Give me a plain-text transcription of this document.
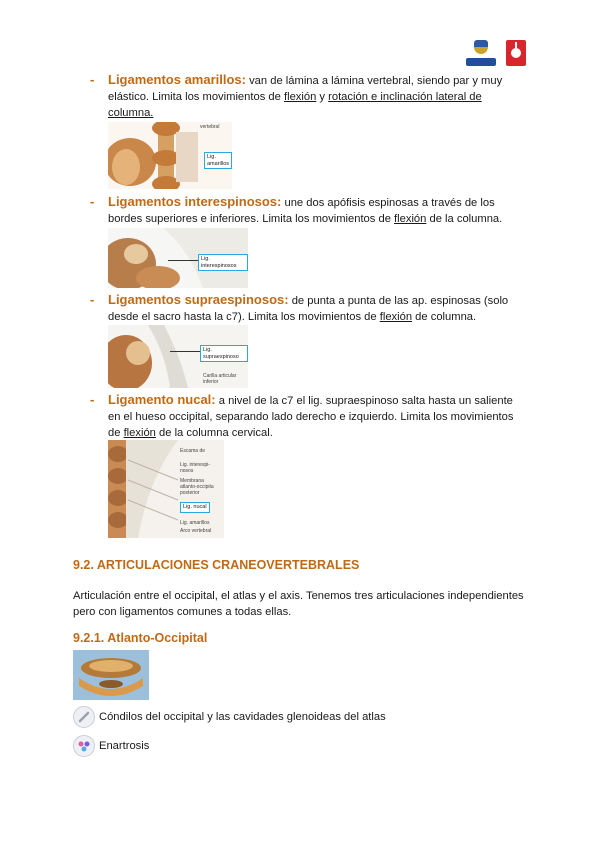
- Ligamentos amarillos: van de lámina a lámina vertebral, siendo par y muy elástico. Limita los movimientos de flexión y rotación e inclinación lateral de columna.
vertebral
Lig.
amarillos
- Ligamentos interespinosos: une dos apófisis espinosas a través de los bordes superiores e inferiores. Limita los movimientos de flexión de la columna.
Lig. interespinosos
- Ligamentos supraespinosos: de punta a punta de las ap. espinosas (solo desde el sacro hasta la c7). Limita los movimientos de flexión de columna.
Lig. supraespinoso
Carilla articular
inferior
- Ligamento nucal: a nivel de la c7 el lig. supraespinoso salta hasta un saliente en el hueso occipital, separando lado derecho e izquierdo. Limita los movimientos de flexión de la columna cervical.
Escama de
Lig. interespi-
nosos
Membrana
atlanto-occipita
posterior
Lig. nucal
Lig. amarillos
Arco vertebral
9.2. ARTICULACIONES CRANEOVERTEBRALES
Articulación entre el occipital, el atlas y el axis. Tenemos tres articulaciones independientes pero con ligamentos comunes a todas ellas.
9.2.1. Atlanto-Occipital
Cóndilos del occipital y las cavidades glenoideas del atlas
Enartrosis
